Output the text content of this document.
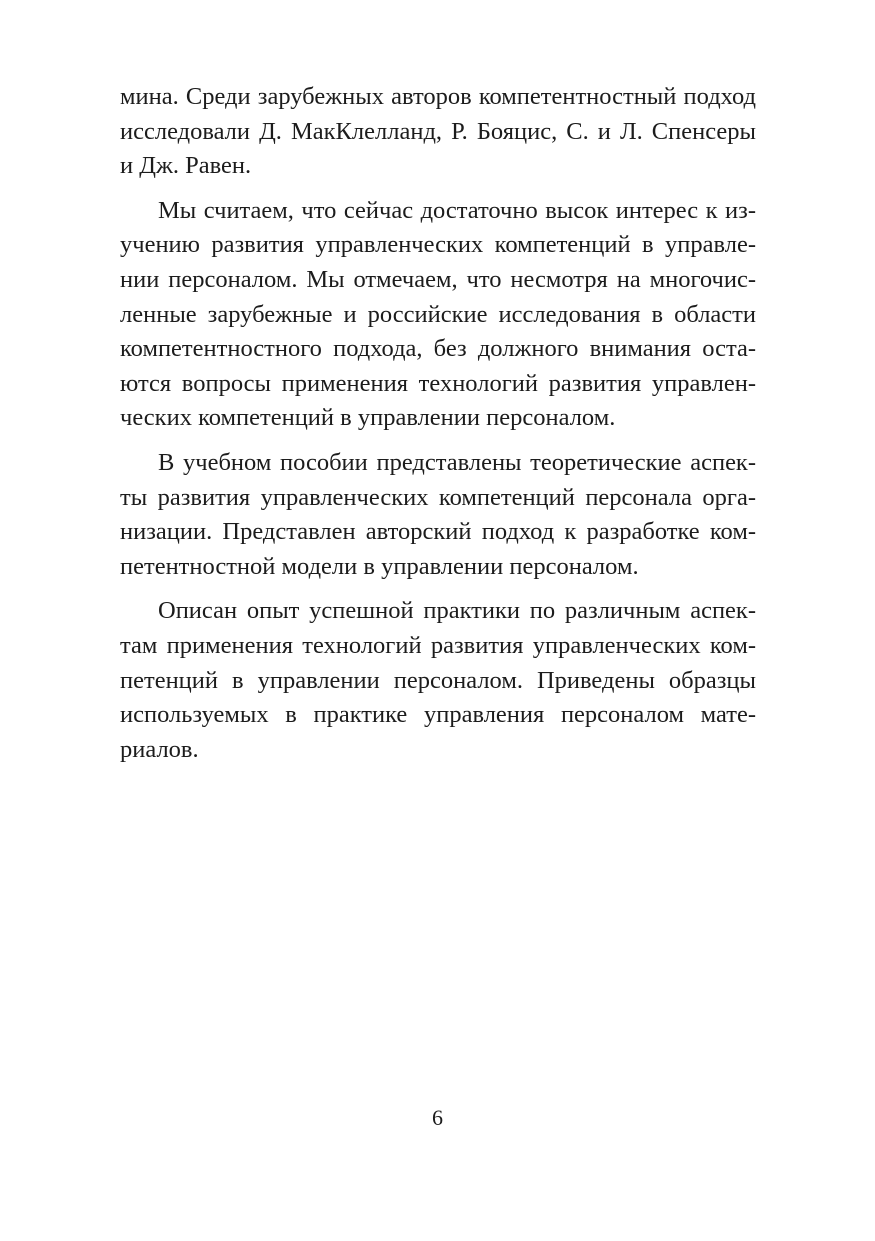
мина. Среди зарубежных авторов компетентностный подход
исследовали Д. МакКлелланд, Р. Бояцис, С. и Л. Спенсеры
и Дж. Равен.
Мы считаем, что сейчас достаточно высок интерес к из-
учению развития управленческих компетенций в управле-
нии персоналом. Мы отмечаем, что несмотря на многочис-
ленные зарубежные и российские исследования в области
компетентностного подхода, без должного внимания оста-
ются вопросы применения технологий развития управлен-
ческих компетенций в управлении персоналом.
В учебном пособии представлены теоретические аспек-
ты развития управленческих компетенций персонала орга-
низации. Представлен авторский подход к разработке ком-
петентностной модели в управлении персоналом.
Описан опыт успешной практики по различным аспек-
там применения технологий развития управленческих ком-
петенций в управлении персоналом. Приведены образцы
используемых в практике управления персоналом мате-
риалов.
6
